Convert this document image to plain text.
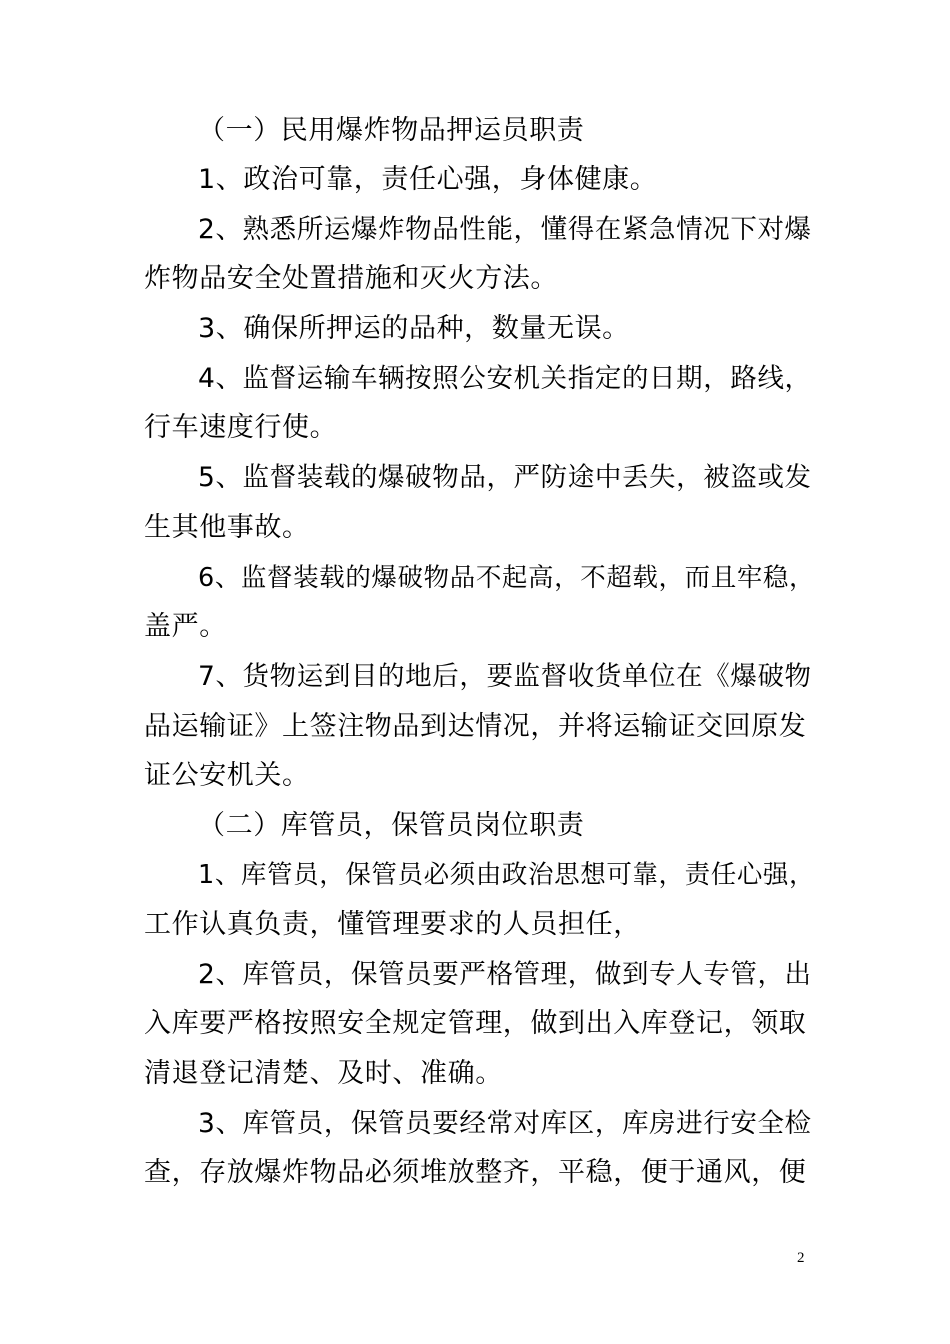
（一）民用爆炸物品押运员职责
1、政治可靠，责任心强，身体健康。
2、熟悉所运爆炸物品性能，懂得在紧急情况下对爆
炸物品安全处置措施和灭火方法。
3、确保所押运的品种，数量无误。
4、监督运输车辆按照公安机关指定的日期，路线，
行车速度行使。
5、监督装载的爆破物品，严防途中丢失，被盗或发
生其他事故。
6、监督装载的爆破物品不起高，不超载，而且牢稳，
盖严。
7、货物运到目的地后，要监督收货单位在《爆破物
品运输证》上签注物品到达情况，并将运输证交回原发
证公安机关。
（二）库管员，保管员岗位职责
1、库管员，保管员必须由政治思想可靠，责任心强，
工作认真负责，懂管理要求的人员担任，
2、库管员，保管员要严格管理，做到专人专管，出
入库要严格按照安全规定管理，做到出入库登记，领取
清退登记清楚、及时、准确。
3、库管员，保管员要经常对库区，库房进行安全检
查，存放爆炸物品必须堆放整齐，平稳，便于通风，便
2
